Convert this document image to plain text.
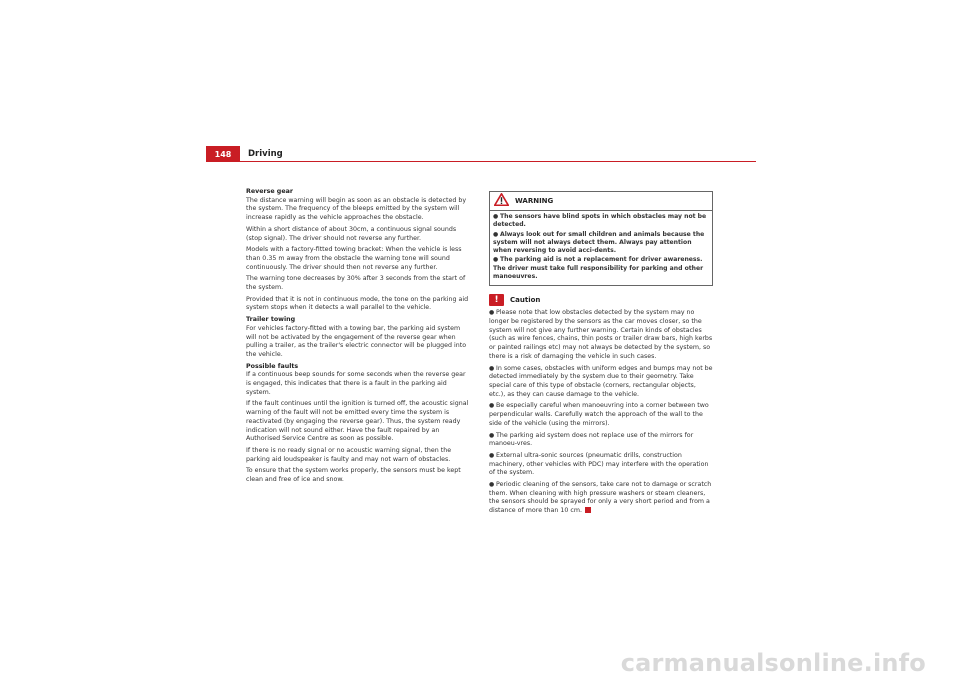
148	Driving
Reverse gear

The distance warning will begin as soon as an obstacle is detected by the system. The frequency of the bleeps emitted by the system will increase rapidly as the vehicle approaches the obstacle.

Within a short distance of about 30cm, a continuous signal sounds (stop signal). The driver should not reverse any further.

Models with a factory-fitted towing bracket: When the vehicle is less than 0.35 m away from the obstacle the warning tone will sound continuously. The driver should then not reverse any further.

The warning tone decreases by 30% after 3 seconds from the start of the system.

Provided that it is not in continuous mode, the tone on the parking aid system stops when it detects a wall parallel to the vehicle.

Trailer towing

For vehicles factory-fitted with a towing bar, the parking aid system will not be activated by the engagement of the reverse gear when pulling a trailer, as the trailer's electric connector will be plugged into the vehicle.

Possible faults

If a continuous beep sounds for some seconds when the reverse gear is engaged, this indicates that there is a fault in the parking aid system.

If the fault continues until the ignition is turned off, the acoustic signal warning of the fault will not be emitted every time the system is reactivated (by engaging the reverse gear). Thus, the system ready indication will not sound either. Have the fault repaired by an Authorised Service Centre as soon as possible.

If there is no ready signal or no acoustic warning signal, then the parking aid loudspeaker is faulty and may not warn of obstacles.

To ensure that the system works properly, the sensors must be kept clean and free of ice and snow.

WARNING

● The sensors have blind spots in which obstacles may not be detected.

● Always look out for small children and animals because the system will not always detect them. Always pay attention when reversing to avoid acci-dents.

● The parking aid is not a replacement for driver awareness. The driver must take full responsibility for parking and other manoeuvres.

!	Caution

● Please note that low obstacles detected by the system may no longer be registered by the sensors as the car moves closer, so the system will not give any further warning. Certain kinds of obstacles (such as wire fences, chains, thin posts or trailer draw bars, high kerbs or painted railings etc) may not always be detected by the system, so there is a risk of damaging the vehicle in such cases.

● In some cases, obstacles with uniform edges and bumps may not be detected immediately by the system due to their geometry. Take special care of this type of obstacle (corners, rectangular objects, etc.), as they can cause damage to the vehicle.

● Be especially careful when manoeuvring into a corner between two perpendicular walls. Carefully watch the approach of the wall to the side of the vehicle (using the mirrors).

● The parking aid system does not replace use of the mirrors for manoeu-vres.

● External ultra-sonic sources (pneumatic drills, construction machinery, other vehicles with PDC) may interfere with the operation of the system.

● Periodic cleaning of the sensors, take care not to damage or scratch them. When cleaning with high pressure washers or steam cleaners, the sensors should be sprayed for only a very short period and from a distance of more than 10 cm.

carmanualsonline.info
